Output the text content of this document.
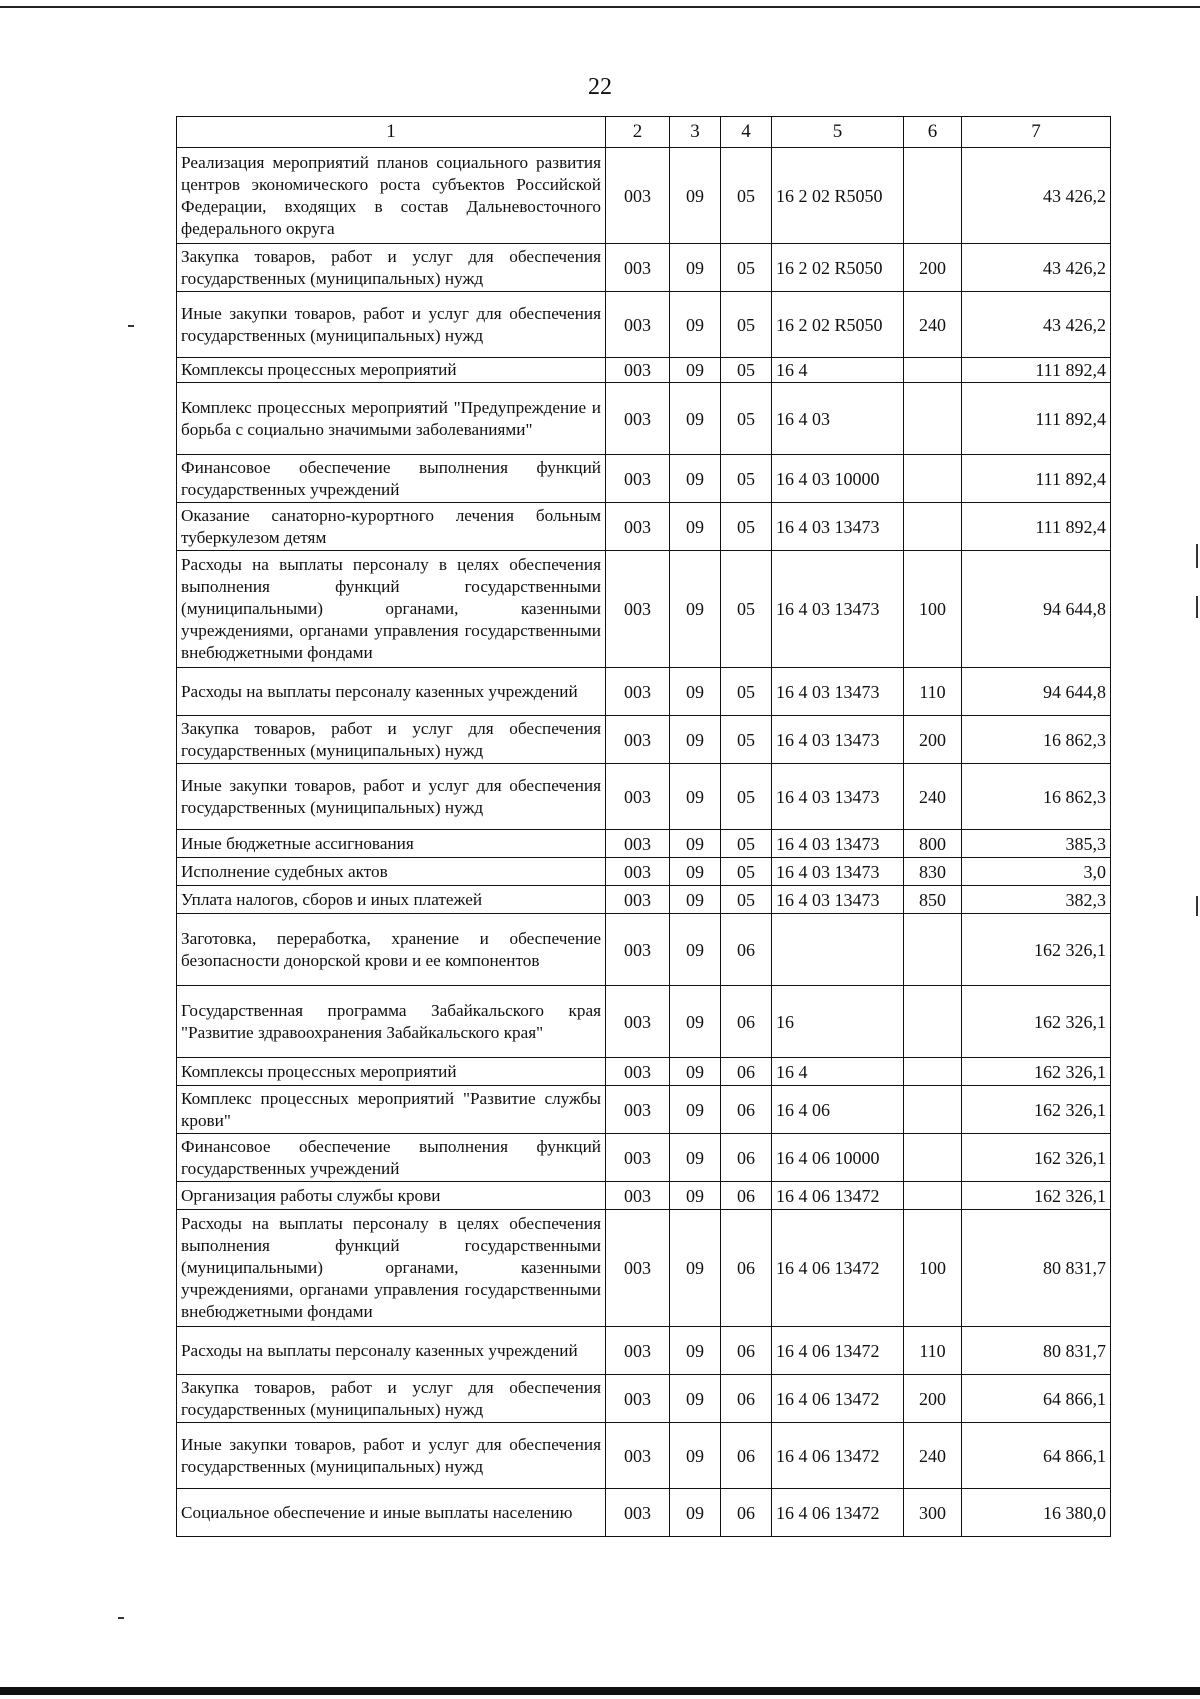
22
1	2	3	4	5	6	7
Реализация мероприятий планов социального развития центров экономического роста субъектов Российской Федерации, входящих в состав Дальневосточного федерального округа	003	09	05	16 2 02 R5050		43 426,2
Закупка товаров, работ и услуг для обеспечения государственных (муниципальных) нужд	003	09	05	16 2 02 R5050	200	43 426,2
Иные закупки товаров, работ и услуг для обеспечения государственных (муниципальных) нужд	003	09	05	16 2 02 R5050	240	43 426,2
Комплексы процессных мероприятий	003	09	05	16 4		111 892,4
Комплекс процессных мероприятий "Предупреждение и борьба с социально значимыми заболеваниями"	003	09	05	16 4 03		111 892,4
Финансовое обеспечение выполнения функций государственных учреждений	003	09	05	16 4 03 10000		111 892,4
Оказание санаторно-курортного лечения больным туберкулезом детям	003	09	05	16 4 03 13473		111 892,4
Расходы на выплаты персоналу в целях обеспечения выполнения функций государственными (муниципальными) органами, казенными учреждениями, органами управления государственными внебюджетными фондами	003	09	05	16 4 03 13473	100	94 644,8
Расходы на выплаты персоналу казенных учреждений	003	09	05	16 4 03 13473	110	94 644,8
Закупка товаров, работ и услуг для обеспечения государственных (муниципальных) нужд	003	09	05	16 4 03 13473	200	16 862,3
Иные закупки товаров, работ и услуг для обеспечения государственных (муниципальных) нужд	003	09	05	16 4 03 13473	240	16 862,3
Иные бюджетные ассигнования	003	09	05	16 4 03 13473	800	385,3
Исполнение судебных актов	003	09	05	16 4 03 13473	830	3,0
Уплата налогов, сборов и иных платежей	003	09	05	16 4 03 13473	850	382,3
Заготовка, переработка, хранение и обеспечение безопасности донорской крови и ее компонентов	003	09	06			162 326,1
Государственная программа Забайкальского края "Развитие здравоохранения Забайкальского края"	003	09	06	16		162 326,1
Комплексы процессных мероприятий	003	09	06	16 4		162 326,1
Комплекс процессных мероприятий "Развитие службы крови"	003	09	06	16 4 06		162 326,1
Финансовое обеспечение выполнения функций государственных учреждений	003	09	06	16 4 06 10000		162 326,1
Организация работы службы крови	003	09	06	16 4 06 13472		162 326,1
Расходы на выплаты персоналу в целях обеспечения выполнения функций государственными (муниципальными) органами, казенными учреждениями, органами управления государственными внебюджетными фондами	003	09	06	16 4 06 13472	100	80 831,7
Расходы на выплаты персоналу казенных учреждений	003	09	06	16 4 06 13472	110	80 831,7
Закупка товаров, работ и услуг для обеспечения государственных (муниципальных) нужд	003	09	06	16 4 06 13472	200	64 866,1
Иные закупки товаров, работ и услуг для обеспечения государственных (муниципальных) нужд	003	09	06	16 4 06 13472	240	64 866,1
Социальное обеспечение и иные выплаты населению	003	09	06	16 4 06 13472	300	16 380,0
